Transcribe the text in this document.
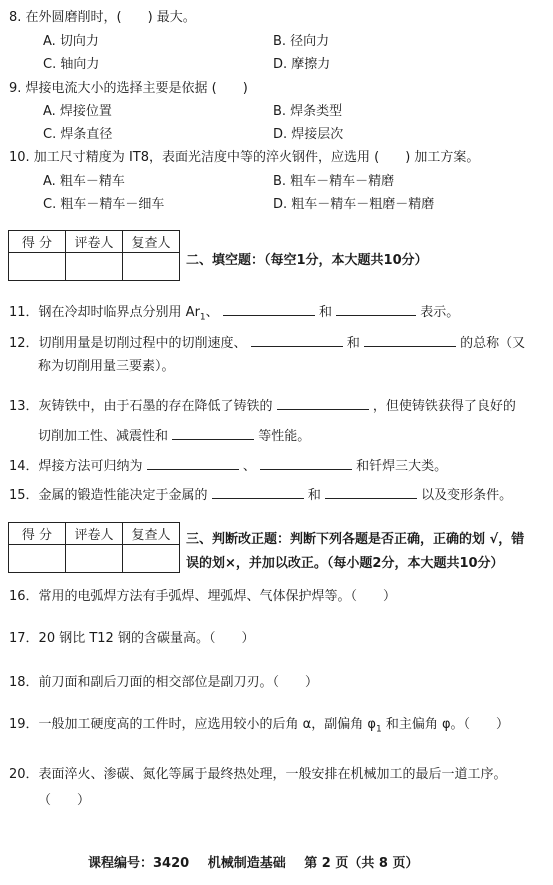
8. 在外圆磨削时，(　　) 最大。
A. 切向力	B. 径向力
C. 轴向力	D. 摩擦力
9. 焊接电流大小的选择主要是依据 (　　)
A. 焊接位置	B. 焊条类型
C. 焊条直径	D. 焊接层次
10. 加工尺寸精度为 IT8，表面光洁度中等的淬火钢件，应选用 (　　) 加工方案。
A. 粗车－精车	B. 粗车－精车－精磨
C. 粗车－精车－细车	D. 粗车－精车－粗磨－精磨
得 分	评卷人	复查人

二、填空题：（每空1分，本大题共10分）
11．钢在冷却时临界点分别用 $Ar_1$、	和	表示。
12．切削用量是切削过程中的切削速度、	和	的总称（又
称为切削用量三要素）。
13．灰铸铁中，由于石墨的存在降低了铸铁的	，但使铸铁获得了良好的
切削加工性、减震性和	等性能。
14．焊接方法可归纳为	、	和钎焊三大类。
15．金属的锻造性能决定于金属的	和	以及变形条件。
得 分	评卷人	复查人
		三、判断改正题：判断下列各题是否正确，正确的划 √，错
误的划×，并加以改正。（每小题2分，本大题共10分）
16．常用的电弧焊方法有手弧焊、埋弧焊、气体保护焊等。（　　）
17．20 钢比 T12 钢的含碳量高。（　　）
18．前刀面和副后刀面的相交部位是副刀刃。（　　）
19．一般加工硬度高的工件时，应选用较小的后角 α，副偏角 $\varphi_1$ 和主偏角 φ。（　　）
20．表面淬火、渗碳、氮化等属于最终热处理，一般安排在机械加工的最后一道工序。
（　　）
课程编号：3420 机械制造基础 第 2 页（共 8 页）
